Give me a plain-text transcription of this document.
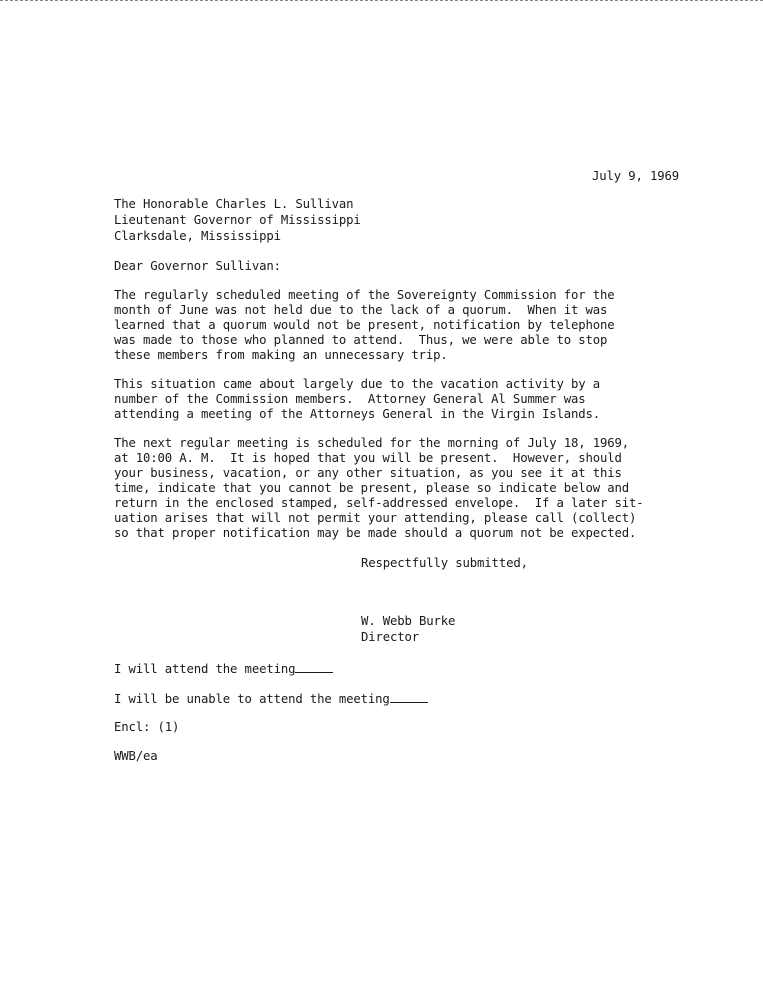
July 9, 1969
The Honorable Charles L. Sullivan
Lieutenant Governor of Mississippi
Clarksdale, Mississippi
Dear Governor Sullivan:
The regularly scheduled meeting of the Sovereignty Commission for the
month of June was not held due to the lack of a quorum.  When it was
learned that a quorum would not be present, notification by telephone
was made to those who planned to attend.  Thus, we were able to stop
these members from making an unnecessary trip.
This situation came about largely due to the vacation activity by a
number of the Commission members.  Attorney General Al Summer was
attending a meeting of the Attorneys General in the Virgin Islands.
The next regular meeting is scheduled for the morning of July 18, 1969,
at 10:00 A. M.  It is hoped that you will be present.  However, should
your business, vacation, or any other situation, as you see it at this
time, indicate that you cannot be present, please so indicate below and
return in the enclosed stamped, self-addressed envelope.  If a later sit-
uation arises that will not permit your attending, please call (collect)
so that proper notification may be made should a quorum not be expected.
Respectfully submitted,
W. Webb Burke
Director
I will attend the meeting
I will be unable to attend the meeting
Encl: (1)
WWB/ea
